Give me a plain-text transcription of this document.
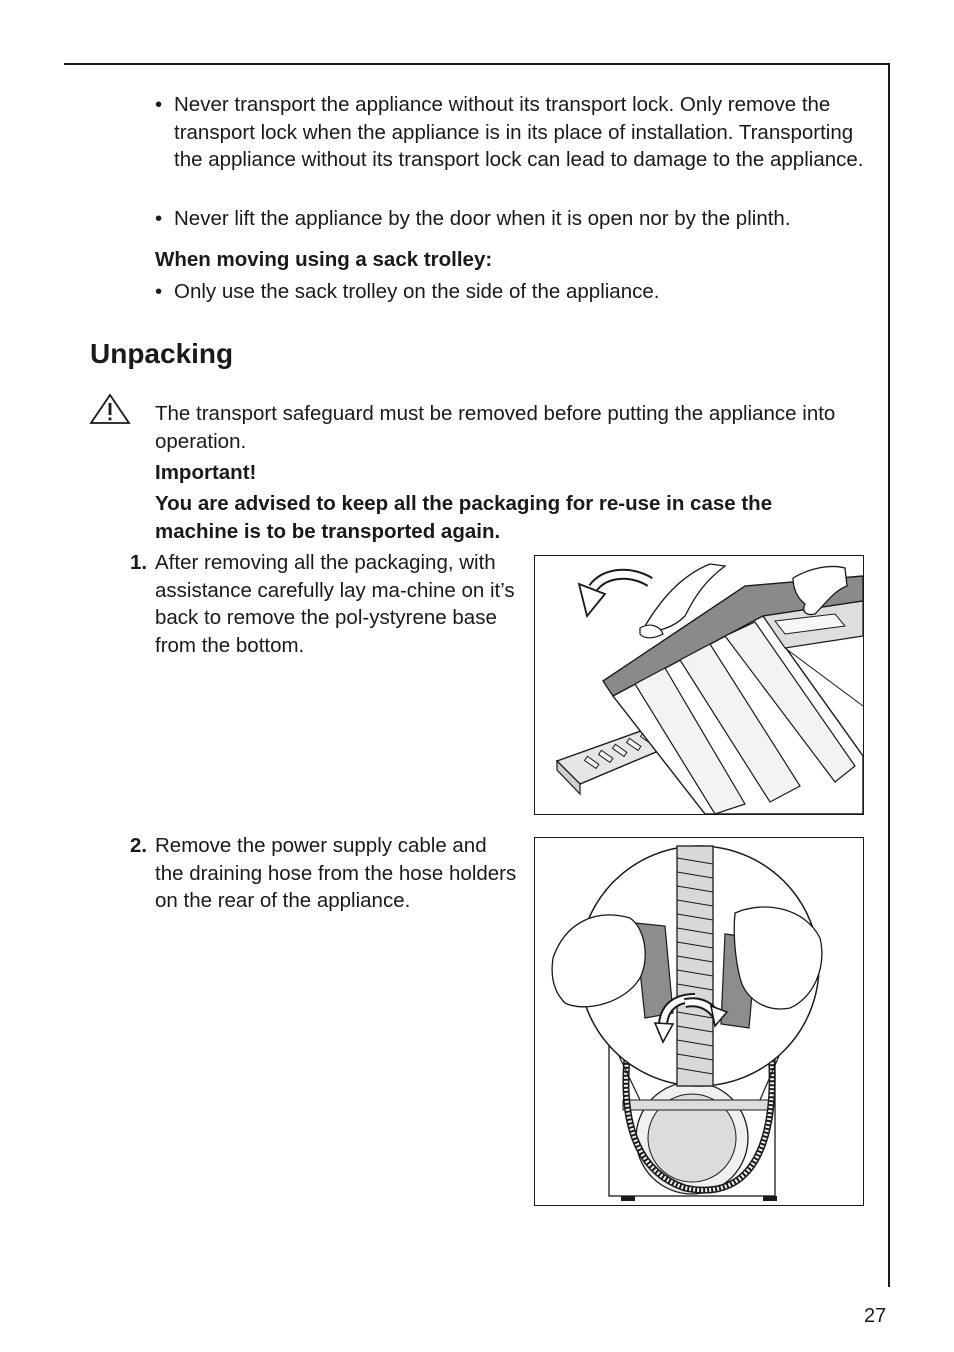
• Never transport the appliance without its transport lock. Only remove the transport lock when the appliance is in its place of installation. Transporting the appliance without its transport lock can lead to damage to the appliance.
• Never lift the appliance by the door when it is open nor by the plinth.
When moving using a sack trolley:
• Only use the sack trolley on the side of the appliance.
Unpacking
The transport safeguard must be removed before putting the appliance into operation.
Important!
You are advised to keep all the packaging for re-use in case the machine is to be transported again.
1. After removing all the packaging, with assistance carefully lay ma-chine on it’s back to remove the pol-ystyrene base from the bottom.
2. Remove the power supply cable and the draining hose from the hose holders on the rear of the appliance.
27
